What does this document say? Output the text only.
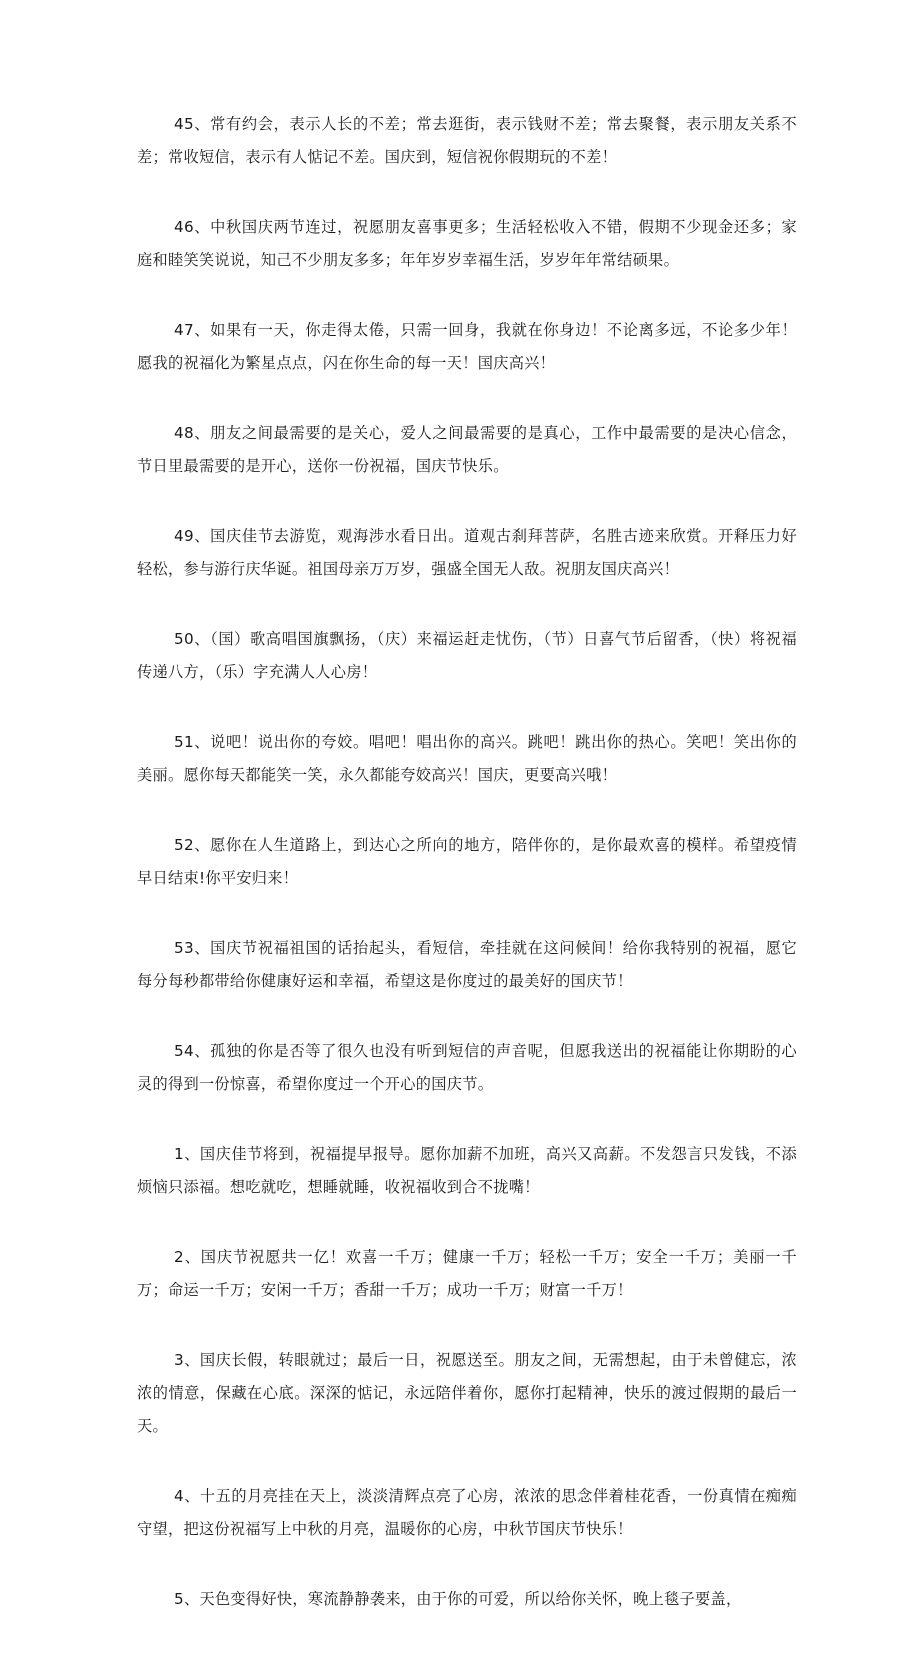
45、常有约会，表示人长的不差；常去逛街，表示钱财不差；常去聚餐，表示朋友关系不差；常收短信，表示有人惦记不差。国庆到，短信祝你假期玩的不差！

46、中秋国庆两节连过，祝愿朋友喜事更多；生活轻松收入不错，假期不少现金还多；家庭和睦笑笑说说，知己不少朋友多多；年年岁岁幸福生活，岁岁年年常结硕果。

47、如果有一天，你走得太倦，只需一回身，我就在你身边！不论离多远，不论多少年！愿我的祝福化为繁星点点，闪在你生命的每一天！国庆高兴！

48、朋友之间最需要的是关心，爱人之间最需要的是真心，工作中最需要的是决心信念，节日里最需要的是开心，送你一份祝福，国庆节快乐。

49、国庆佳节去游览，观海涉水看日出。道观古刹拜菩萨，名胜古迹来欣赏。开释压力好轻松，参与游行庆华诞。祖国母亲万万岁，强盛全国无人敌。祝朋友国庆高兴！

50、（国）歌高唱国旗飘扬，（庆）来福运赶走忧伤，（节）日喜气节后留香，（快）将祝福传递八方，（乐）字充满人人心房！

51、说吧！说出你的夸姣。唱吧！唱出你的高兴。跳吧！跳出你的热心。笑吧！笑出你的美丽。愿你每天都能笑一笑，永久都能夸姣高兴！国庆，更要高兴哦！

52、愿你在人生道路上，到达心之所向的地方，陪伴你的，是你最欢喜的模样。希望疫情早日结束!你平安归来！

53、国庆节祝福祖国的话抬起头，看短信，牵挂就在这问候间！给你我特别的祝福，愿它每分每秒都带给你健康好运和幸福，希望这是你度过的最美好的国庆节！

54、孤独的你是否等了很久也没有听到短信的声音呢，但愿我送出的祝福能让你期盼的心灵的得到一份惊喜，希望你度过一个开心的国庆节。

1、国庆佳节将到，祝福提早报导。愿你加薪不加班，高兴又高薪。不发怨言只发钱，不添烦恼只添福。想吃就吃，想睡就睡，收祝福收到合不拢嘴！

2、国庆节祝愿共一亿！欢喜一千万；健康一千万；轻松一千万；安全一千万；美丽一千万；命运一千万；安闲一千万；香甜一千万；成功一千万；财富一千万！

3、国庆长假，转眼就过；最后一日，祝愿送至。朋友之间，无需想起，由于未曾健忘，浓浓的情意，保藏在心底。深深的惦记，永远陪伴着你，愿你打起精神，快乐的渡过假期的最后一天。

4、十五的月亮挂在天上，淡淡清辉点亮了心房，浓浓的思念伴着桂花香，一份真情在痴痴守望，把这份祝福写上中秋的月亮，温暖你的心房，中秋节国庆节快乐！

5、天色变得好快，寒流静静袭来，由于你的可爱，所以给你关怀，晚上毯子要盖，
